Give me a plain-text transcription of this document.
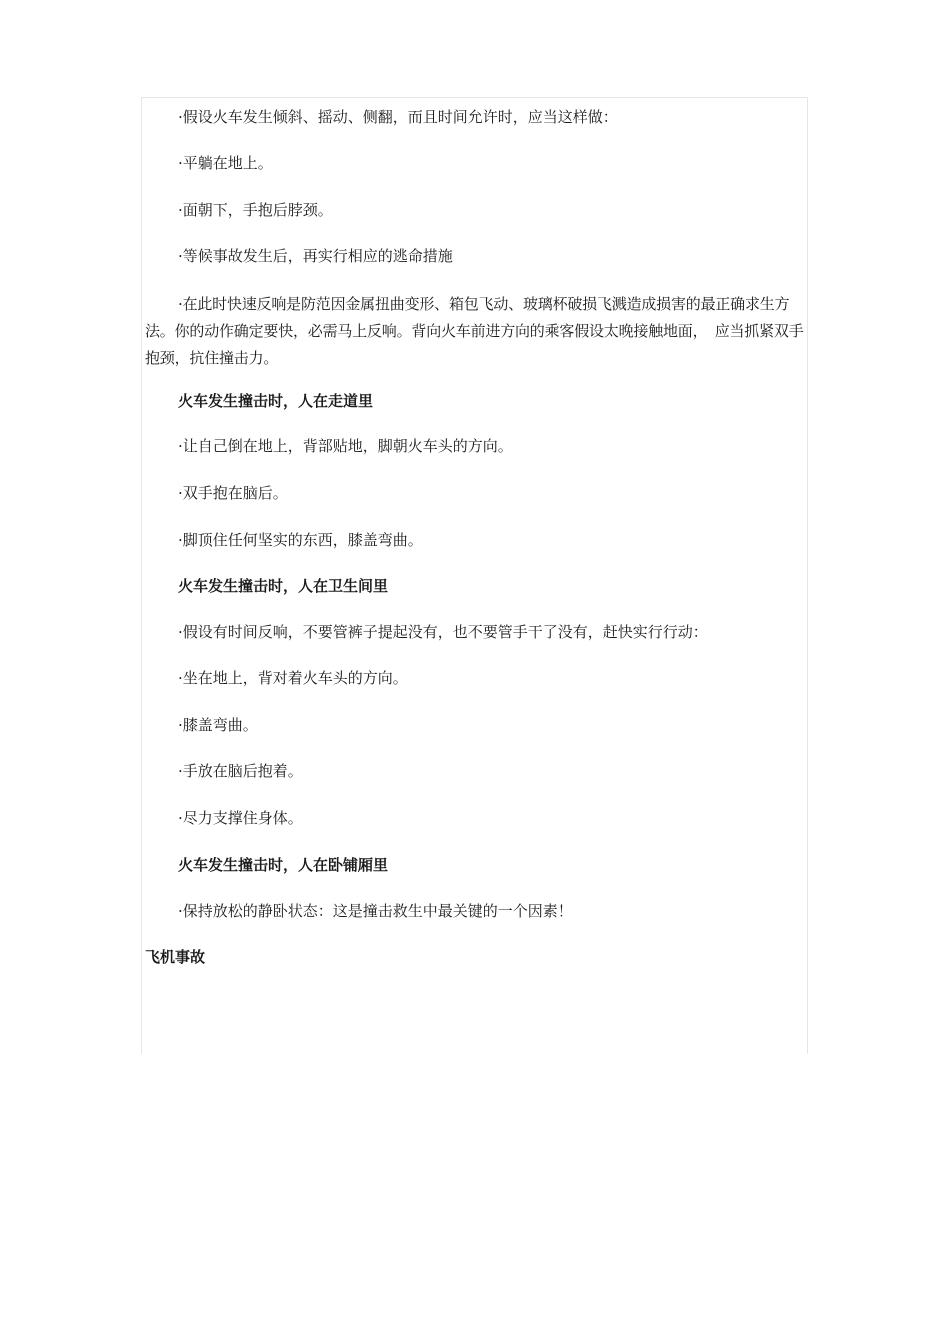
·假设火车发生倾斜、摇动、侧翻，而且时间允许时，应当这样做：
·平躺在地上。
·面朝下，手抱后脖颈。
·等候事故发生后，再实行相应的逃命措施
·在此时快速反响是防范因金属扭曲变形、箱包飞动、玻璃杯破损飞溅造成损害的最正确求生方法。你的动作确定要快，必需马上反响。背向火车前进方向的乘客假设太晚接触地面，　应当抓紧双手抱颈，抗住撞击力。
火车发生撞击时，人在走道里
·让自己倒在地上，背部贴地，脚朝火车头的方向。
·双手抱在脑后。
·脚顶住任何坚实的东西，膝盖弯曲。
火车发生撞击时，人在卫生间里
·假设有时间反响，不要管裤子提起没有，也不要管手干了没有，赶快实行行动：
·坐在地上，背对着火车头的方向。
·膝盖弯曲。
·手放在脑后抱着。
·尽力支撑住身体。
火车发生撞击时，人在卧铺厢里
·保持放松的静卧状态：这是撞击救生中最关键的一个因素！
飞机事故
